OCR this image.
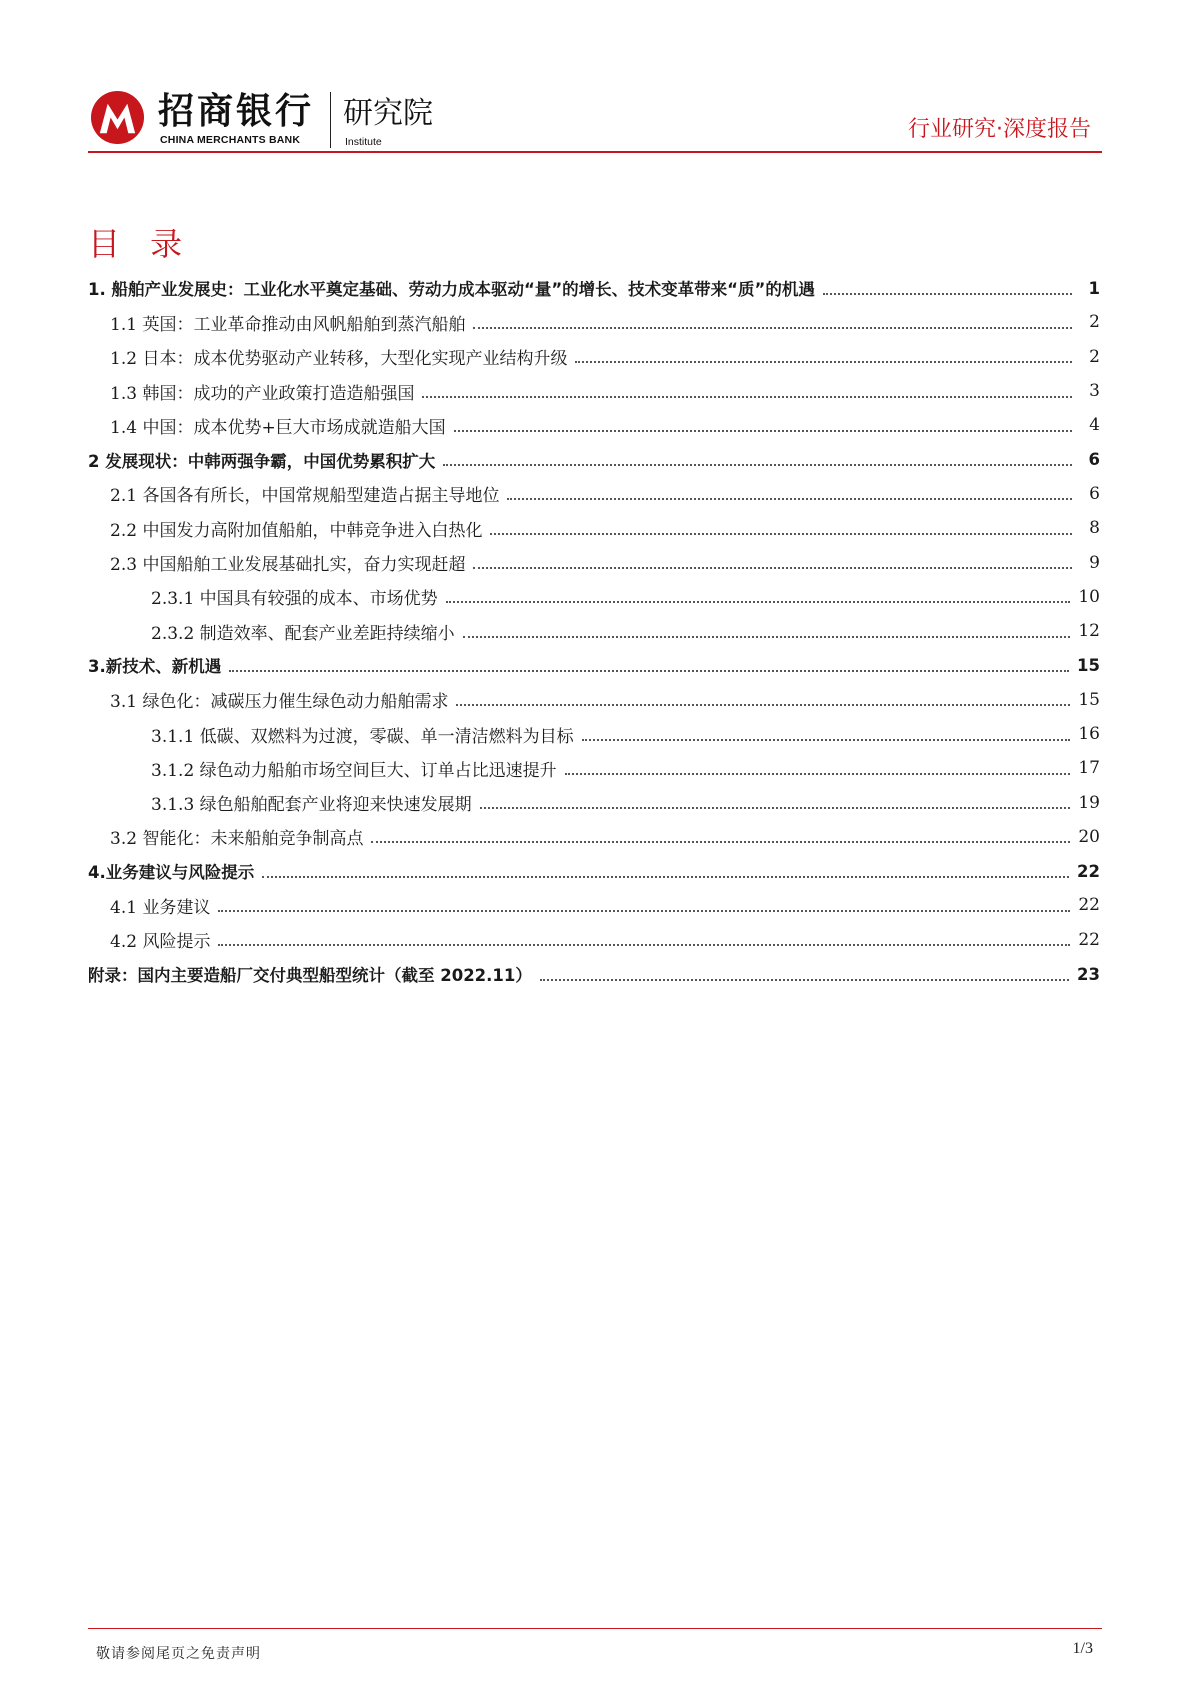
招商银行
CHINA MERCHANTS BANK
研究院
Institute	行业研究·深度报告
目 录
1. 船舶产业发展史：工业化水平奠定基础、劳动力成本驱动“量”的增长、技术变革带来“质”的机遇	1
1.1 英国：工业革命推动由风帆船舶到蒸汽船舶	2
1.2 日本：成本优势驱动产业转移，大型化实现产业结构升级	2
1.3 韩国：成功的产业政策打造造船强国	3
1.4 中国：成本优势+巨大市场成就造船大国	4
2 发展现状：中韩两强争霸，中国优势累积扩大	6
2.1 各国各有所长，中国常规船型建造占据主导地位	6
2.2 中国发力高附加值船舶，中韩竞争进入白热化	8
2.3 中国船舶工业发展基础扎实，奋力实现赶超	9
2.3.1 中国具有较强的成本、市场优势	10
2.3.2 制造效率、配套产业差距持续缩小	12
3.新技术、新机遇	15
3.1 绿色化：减碳压力催生绿色动力船舶需求	15
3.1.1 低碳、双燃料为过渡，零碳、单一清洁燃料为目标	16
3.1.2 绿色动力船舶市场空间巨大、订单占比迅速提升	17
3.1.3 绿色船舶配套产业将迎来快速发展期	19
3.2 智能化：未来船舶竞争制高点	20
4.业务建议与风险提示	22
4.1 业务建议	22
4.2 风险提示	22
附录：国内主要造船厂交付典型船型统计（截至 2022.11）	23
敬请参阅尾页之免责声明	1/3
